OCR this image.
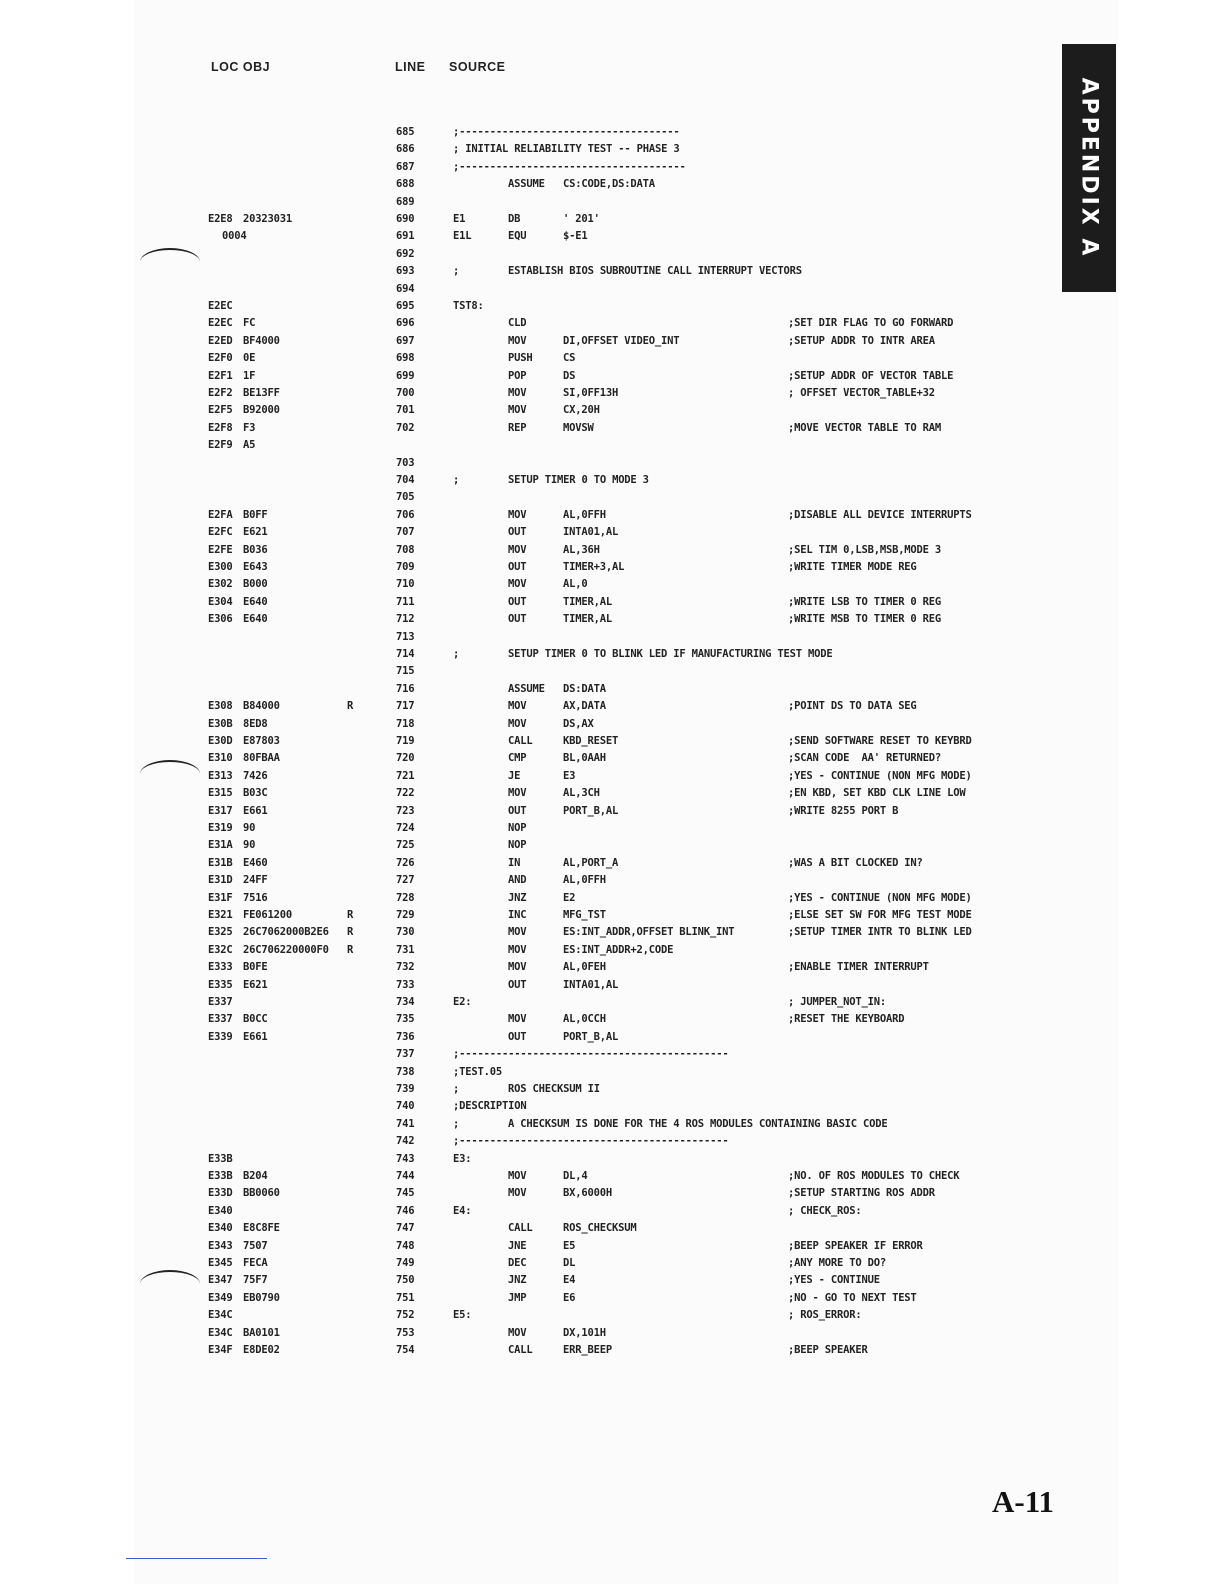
LOC OBJ	LINE SOURCE
APPENDIX A
685	;------------------------------------
686	; INITIAL RELIABILITY TEST -- PHASE 3
687	;-------------------------------------
688	ASSUME CS:CODE,DS:DATA
689
E2E8 20323031	690	E1	DB	' 201'
0004	691	E1L	EQU	$-E1
692
693	;	ESTABLISH BIOS SUBROUTINE CALL INTERRUPT VECTORS
694
E2EC	695	TST8:
E2EC FC	696	CLD	;SET DIR FLAG TO GO FORWARD
E2ED BF4000	697	MOV	DI,OFFSET VIDEO_INT	;SETUP ADDR TO INTR AREA
E2F0 0E	698	PUSH	CS
E2F1 1F	699	POP	DS	;SETUP ADDR OF VECTOR TABLE
E2F2 BE13FF	700	MOV	SI,0FF13H	; OFFSET VECTOR_TABLE+32
E2F5 B92000	701	MOV	CX,20H
E2F8 F3	702	REP	MOVSW	;MOVE VECTOR TABLE TO RAM
E2F9 A5
703
704	;	SETUP TIMER 0 TO MODE 3
705
E2FA B0FF	706	MOV	AL,0FFH	;DISABLE ALL DEVICE INTERRUPTS
E2FC E621	707	OUT	INTA01,AL
E2FE B036	708	MOV	AL,36H	;SEL TIM 0,LSB,MSB,MODE 3
E300 E643	709	OUT	TIMER+3,AL	;WRITE TIMER MODE REG
E302 B000	710	MOV	AL,0
E304 E640	711	OUT	TIMER,AL	;WRITE LSB TO TIMER 0 REG
E306 E640	712	OUT	TIMER,AL	;WRITE MSB TO TIMER 0 REG
713
714	;	SETUP TIMER 0 TO BLINK LED IF MANUFACTURING TEST MODE
715
716	ASSUME DS:DATA
E308 B84000	R	717	MOV	AX,DATA	;POINT DS TO DATA SEG
E30B 8ED8	718	MOV	DS,AX
E30D E87803	719	CALL	KBD_RESET	;SEND SOFTWARE RESET TO KEYBRD
E310 80FBAA	720	CMP	BL,0AAH	;SCAN CODE  AA' RETURNED?
E313 7426	721	JE	E3	;YES - CONTINUE (NON MFG MODE)
E315 B03C	722	MOV	AL,3CH	;EN KBD, SET KBD CLK LINE LOW
E317 E661	723	OUT	PORT_B,AL	;WRITE 8255 PORT B
E319 90	724	NOP
E31A 90	725	NOP
E31B E460	726	IN	AL,PORT_A	;WAS A BIT CLOCKED IN?
E31D 24FF	727	AND	AL,0FFH
E31F 7516	728	JNZ	E2	;YES - CONTINUE (NON MFG MODE)
E321 FE061200	R	729	INC	MFG_TST	;ELSE SET SW FOR MFG TEST MODE
E325 26C7062000B2E6 R	730	MOV	ES:INT_ADDR,OFFSET BLINK_INT	;SETUP TIMER INTR TO BLINK LED
E32C 26C706220000F0 R	731	MOV	ES:INT_ADDR+2,CODE
E333 B0FE	732	MOV	AL,0FEH	;ENABLE TIMER INTERRUPT
E335 E621	733	OUT	INTA01,AL
E337	734	E2:	; JUMPER_NOT_IN:
E337 B0CC	735	MOV	AL,0CCH	;RESET THE KEYBOARD
E339 E661	736	OUT	PORT_B,AL
737	;--------------------------------------------
738	;TEST.05
739	;	ROS CHECKSUM II
740	;DESCRIPTION
741	;	A CHECKSUM IS DONE FOR THE 4 ROS MODULES CONTAINING BASIC CODE
742	;--------------------------------------------
E33B	743	E3:
E33B B204	744	MOV	DL,4	;NO. OF ROS MODULES TO CHECK
E33D BB0060	745	MOV	BX,6000H	;SETUP STARTING ROS ADDR
E340	746	E4:	; CHECK_ROS:
E340 E8C8FE	747	CALL	ROS_CHECKSUM
E343 7507	748	JNE	E5	;BEEP SPEAKER IF ERROR
E345 FECA	749	DEC	DL	;ANY MORE TO DO?
E347 75F7	750	JNZ	E4	;YES - CONTINUE
E349 EB0790	751	JMP	E6	;NO - GO TO NEXT TEST
E34C	752	E5:	; ROS_ERROR:
E34C BA0101	753	MOV	DX,101H
E34F E8DE02	754	CALL	ERR_BEEP	;BEEP SPEAKER
A-11
